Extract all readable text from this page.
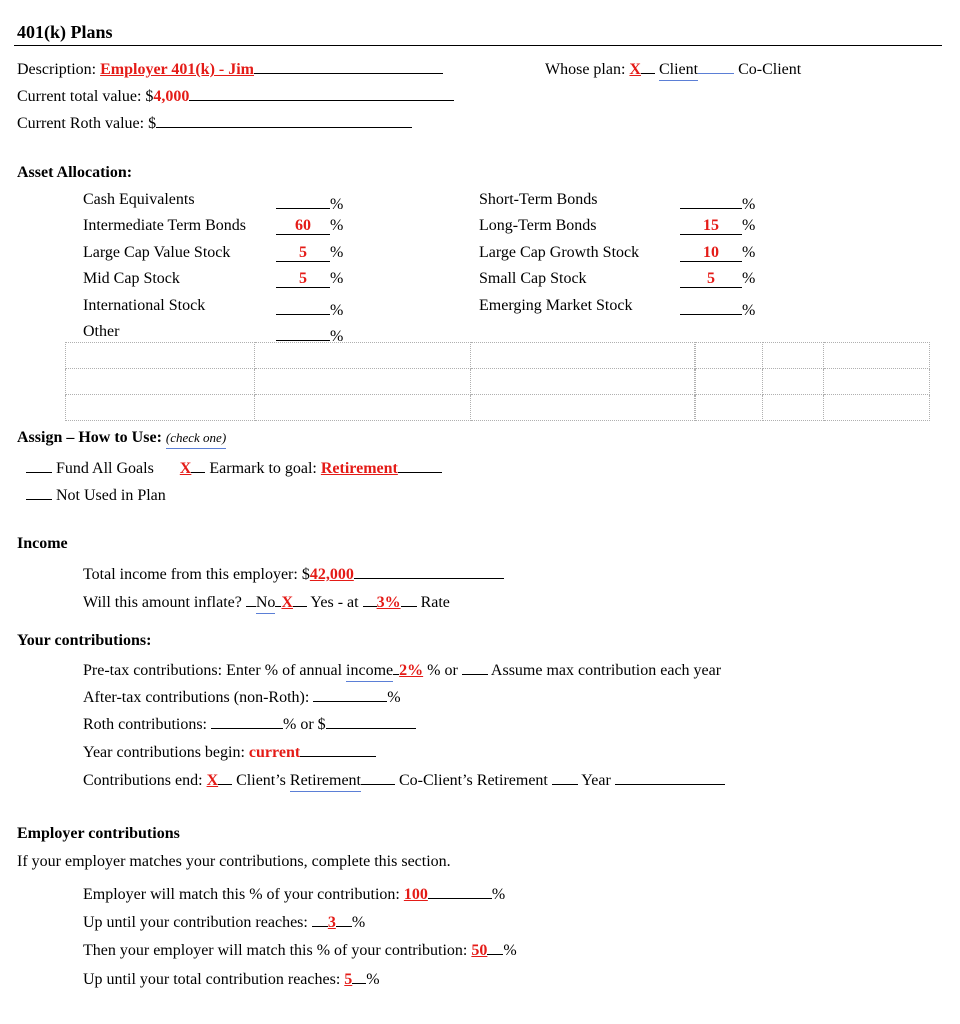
401(k) Plans
Description: Employer 401(k) - Jim	Whose plan: X Client	Co-Client
Current total value: $4,000
Current Roth value: $
Asset Allocation:
Cash Equivalents	%
Intermediate Term Bonds	60 %
Large Cap Value Stock	5 %
Mid Cap Stock	5 %
International Stock	%
Other	%
Short-Term Bonds	%
Long-Term Bonds	15 %
Large Cap Growth Stock	10 %
Small Cap Stock	5 %
Emerging Market Stock	%

Assign – How to Use: (check one)
Fund All Goals X Earmark to goal: Retirement
Not Used in Plan
Income
Total income from this employer: $42,000
Will this amount inflate? No X Yes - at 3% Rate
Your contributions:
Pre-tax contributions: Enter % of annual income 2% % or Assume max contribution each year
After-tax contributions (non-Roth):	%
Roth contributions:	% or $
Year contributions begin: current
Contributions end: X Client’s Retirement Co-Client’s Retirement Year
Employer contributions
If your employer matches your contributions, complete this section.
Employer will match this % of your contribution: 100	%
Up until your contribution reaches: 3 %
Then your employer will match this % of your contribution: 50 %
Up until your total contribution reaches: 5 %
